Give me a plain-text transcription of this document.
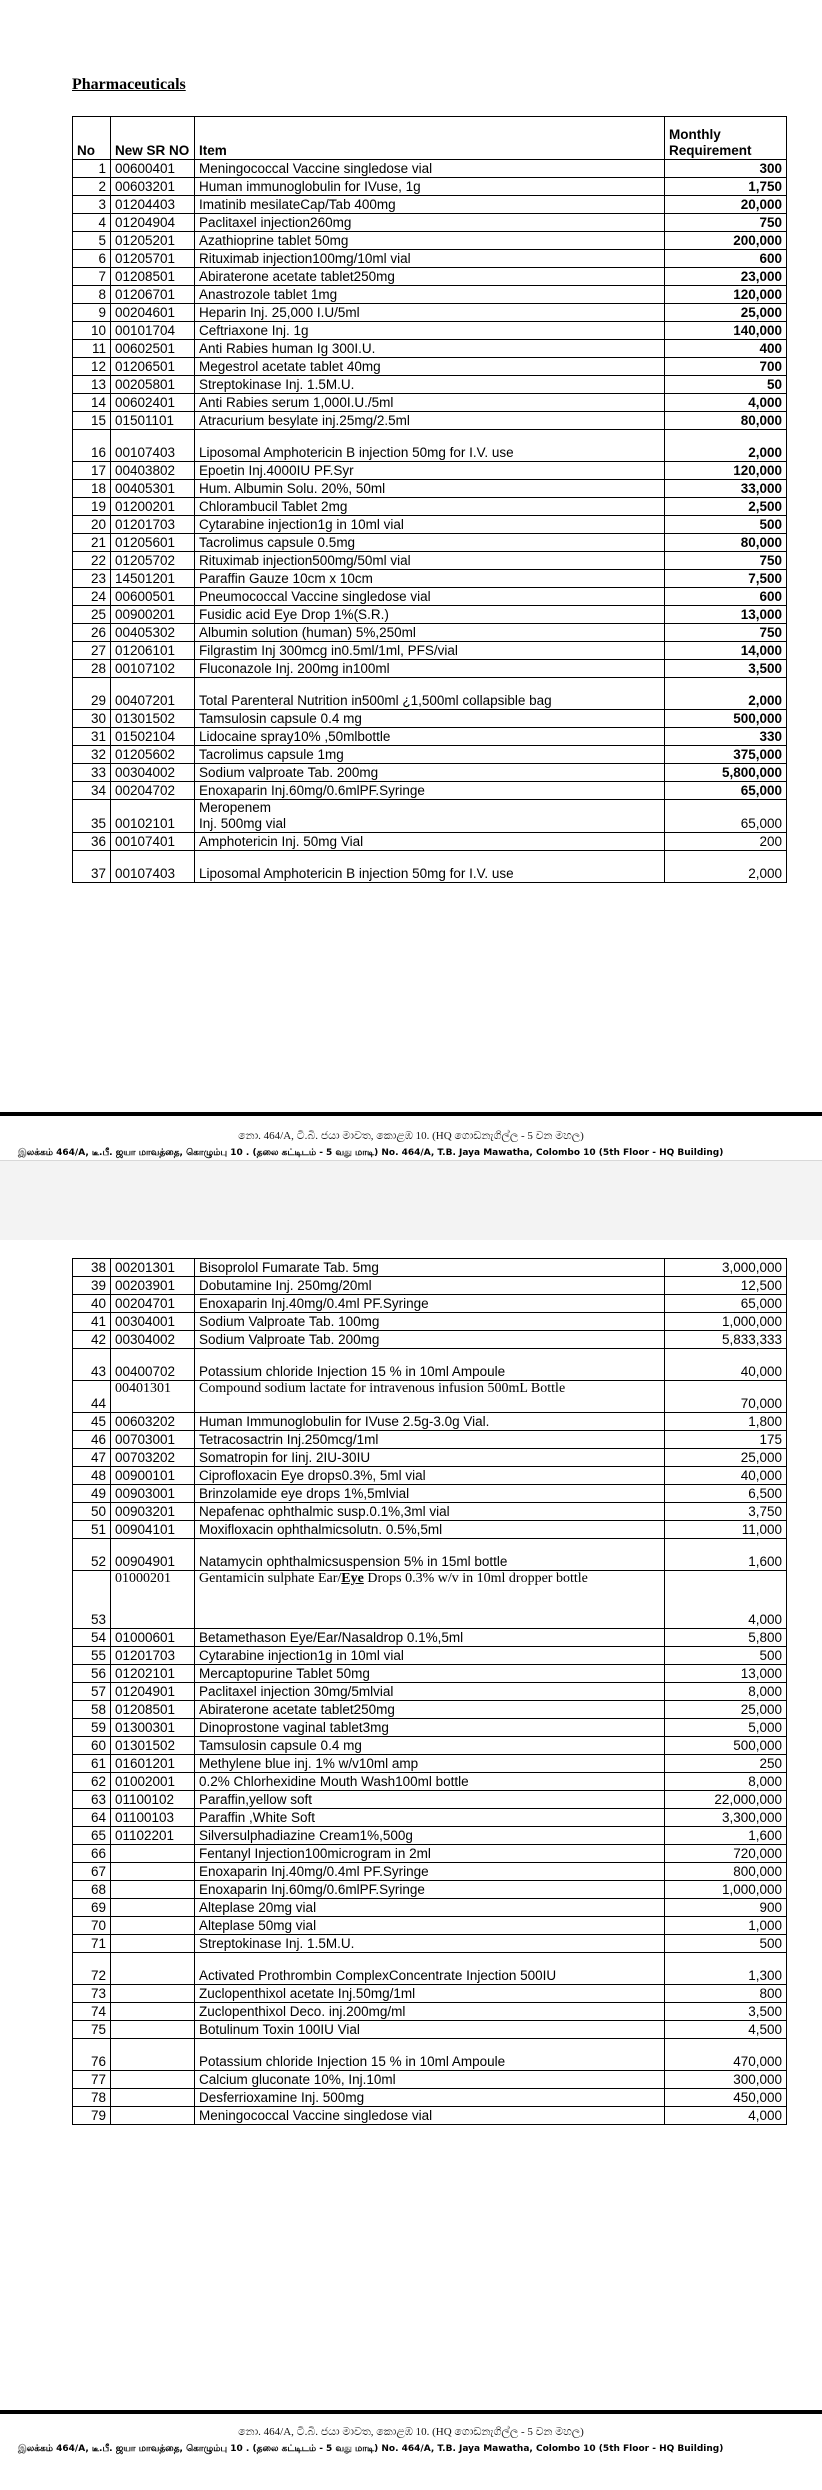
Pharmaceuticals
No	New SR NO	Item	Monthly Requirement
1	00600401	Meningococcal Vaccine singledose vial	300
2	00603201	Human immunoglobulin for IVuse, 1g	1,750
3	01204403	Imatinib mesilateCap/Tab 400mg	20,000
4	01204904	Paclitaxel injection260mg	750
5	01205201	Azathioprine tablet 50mg	200,000
6	01205701	Rituximab injection100mg/10ml vial	600
7	01208501	Abiraterone acetate tablet250mg	23,000
8	01206701	Anastrozole tablet 1mg	120,000
9	00204601	Heparin Inj. 25,000 I.U/5ml	25,000
10	00101704	Ceftriaxone Inj. 1g	140,000
11	00602501	Anti Rabies human Ig 300I.U.	400
12	01206501	Megestrol acetate tablet 40mg	700
13	00205801	Streptokinase Inj. 1.5M.U.	50
14	00602401	Anti Rabies serum 1,000I.U./5ml	4,000
15	01501101	Atracurium besylate inj.25mg/2.5ml	80,000
16	00107403	Liposomal Amphotericin B injection 50mg for I.V. use	2,000
17	00403802	Epoetin Inj.4000IU PF.Syr	120,000
18	00405301	Hum. Albumin Solu. 20%, 50ml	33,000
19	01200201	Chlorambucil Tablet 2mg	2,500
20	01201703	Cytarabine injection1g in 10ml vial	500
21	01205601	Tacrolimus capsule 0.5mg	80,000
22	01205702	Rituximab injection500mg/50ml vial	750
23	14501201	Paraffin Gauze 10cm x 10cm	7,500
24	00600501	Pneumococcal Vaccine singledose vial	600
25	00900201	Fusidic acid Eye Drop 1%(S.R.)	13,000
26	00405302	Albumin solution (human) 5%,250ml	750
27	01206101	Filgrastim Inj 300mcg in0.5ml/1ml, PFS/vial	14,000
28	00107102	Fluconazole Inj. 200mg in100ml	3,500
29	00407201	Total Parenteral Nutrition in500ml ¿1,500ml collapsible bag	2,000
30	01301502	Tamsulosin capsule 0.4 mg	500,000
31	01502104	Lidocaine spray10% ,50mlbottle	330
32	01205602	Tacrolimus capsule 1mg	375,000
33	00304002	Sodium valproate Tab. 200mg	5,800,000
34	00204702	Enoxaparin Inj.60mg/0.6mlPF.Syringe	65,000
35	00102101	Meropenem
Inj. 500mg vial	65,000
36	00107401	Amphotericin Inj. 50mg Vial	200
37	00107403	Liposomal Amphotericin B injection 50mg for I.V. use	2,000
නො. 464/A, ටී.බී. ජයා මාවත, කොළඹ 10. (HQ ගොඩනැගිල්ල - 5 වන මහල)
இலக்கம் 464/A, டீ.பீ. ஜயா மாவத்தை, கொழும்பு 10 . (தலை கட்டிடம் - 5 வது மாடி) No. 464/A, T.B. Jaya Mawatha, Colombo 10 (5th Floor - HQ Building)
38	00201301	Bisoprolol Fumarate Tab. 5mg	3,000,000
39	00203901	Dobutamine Inj. 250mg/20ml	12,500
40	00204701	Enoxaparin Inj.40mg/0.4ml PF.Syringe	65,000
41	00304001	Sodium Valproate Tab. 100mg	1,000,000
42	00304002	Sodium Valproate Tab. 200mg	5,833,333
43	00400702	Potassium chloride Injection 15 % in 10ml Ampoule	40,000
44	00401301	Compound sodium lactate for intravenous infusion 500mL Bottle	70,000
45	00603202	Human Immunoglobulin for IVuse 2.5g-3.0g Vial.	1,800
46	00703001	Tetracosactrin Inj.250mcg/1ml	175
47	00703202	Somatropin for Iinj. 2IU-30IU	25,000
48	00900101	Ciprofloxacin Eye drops0.3%, 5ml vial	40,000
49	00903001	Brinzolamide eye drops 1%,5mlvial	6,500
50	00903201	Nepafenac ophthalmic susp.0.1%,3ml vial	3,750
51	00904101	Moxifloxacin ophthalmicsolutn. 0.5%,5ml	11,000
52	00904901	Natamycin ophthalmicsuspension 5% in 15ml bottle	1,600
53	01000201	Gentamicin sulphate Ear/Eye Drops 0.3% w/v in 10ml dropper bottle	4,000
54	01000601	Betamethason Eye/Ear/Nasaldrop 0.1%,5ml	5,800
55	01201703	Cytarabine injection1g in 10ml vial	500
56	01202101	Mercaptopurine Tablet 50mg	13,000
57	01204901	Paclitaxel injection 30mg/5mlvial	8,000
58	01208501	Abiraterone acetate tablet250mg	25,000
59	01300301	Dinoprostone vaginal tablet3mg	5,000
60	01301502	Tamsulosin capsule 0.4 mg	500,000
61	01601201	Methylene blue inj. 1% w/v10ml amp	250
62	01002001	0.2% Chlorhexidine Mouth Wash100ml bottle	8,000
63	01100102	Paraffin,yellow soft	22,000,000
64	01100103	Paraffin ,White Soft	3,300,000
65	01102201	Silversulphadiazine Cream1%,500g	1,600
66		Fentanyl Injection100microgram in 2ml	720,000
67		Enoxaparin Inj.40mg/0.4ml PF.Syringe	800,000
68		Enoxaparin Inj.60mg/0.6mlPF.Syringe	1,000,000
69		Alteplase 20mg vial	900
70		Alteplase 50mg vial	1,000
71		Streptokinase Inj. 1.5M.U.	500
72		Activated Prothrombin ComplexConcentrate Injection 500IU	1,300
73		Zuclopenthixol acetate Inj.50mg/1ml	800
74		Zuclopenthixol Deco. inj.200mg/ml	3,500
75		Botulinum Toxin 100IU Vial	4,500
76		Potassium chloride Injection 15 % in 10ml Ampoule	470,000
77		Calcium gluconate 10%, Inj.10ml	300,000
78		Desferrioxamine Inj. 500mg	450,000
79		Meningococcal Vaccine singledose vial	4,000
නො. 464/A, ටී.බී. ජයා මාවත, කොළඹ 10. (HQ ගොඩනැගිල්ල - 5 වන මහල)
இலக்கம் 464/A, டீ.பீ. ஜயா மாவத்தை, கொழும்பு 10 . (தலை கட்டிடம் - 5 வது மாடி) No. 464/A, T.B. Jaya Mawatha, Colombo 10 (5th Floor - HQ Building)
